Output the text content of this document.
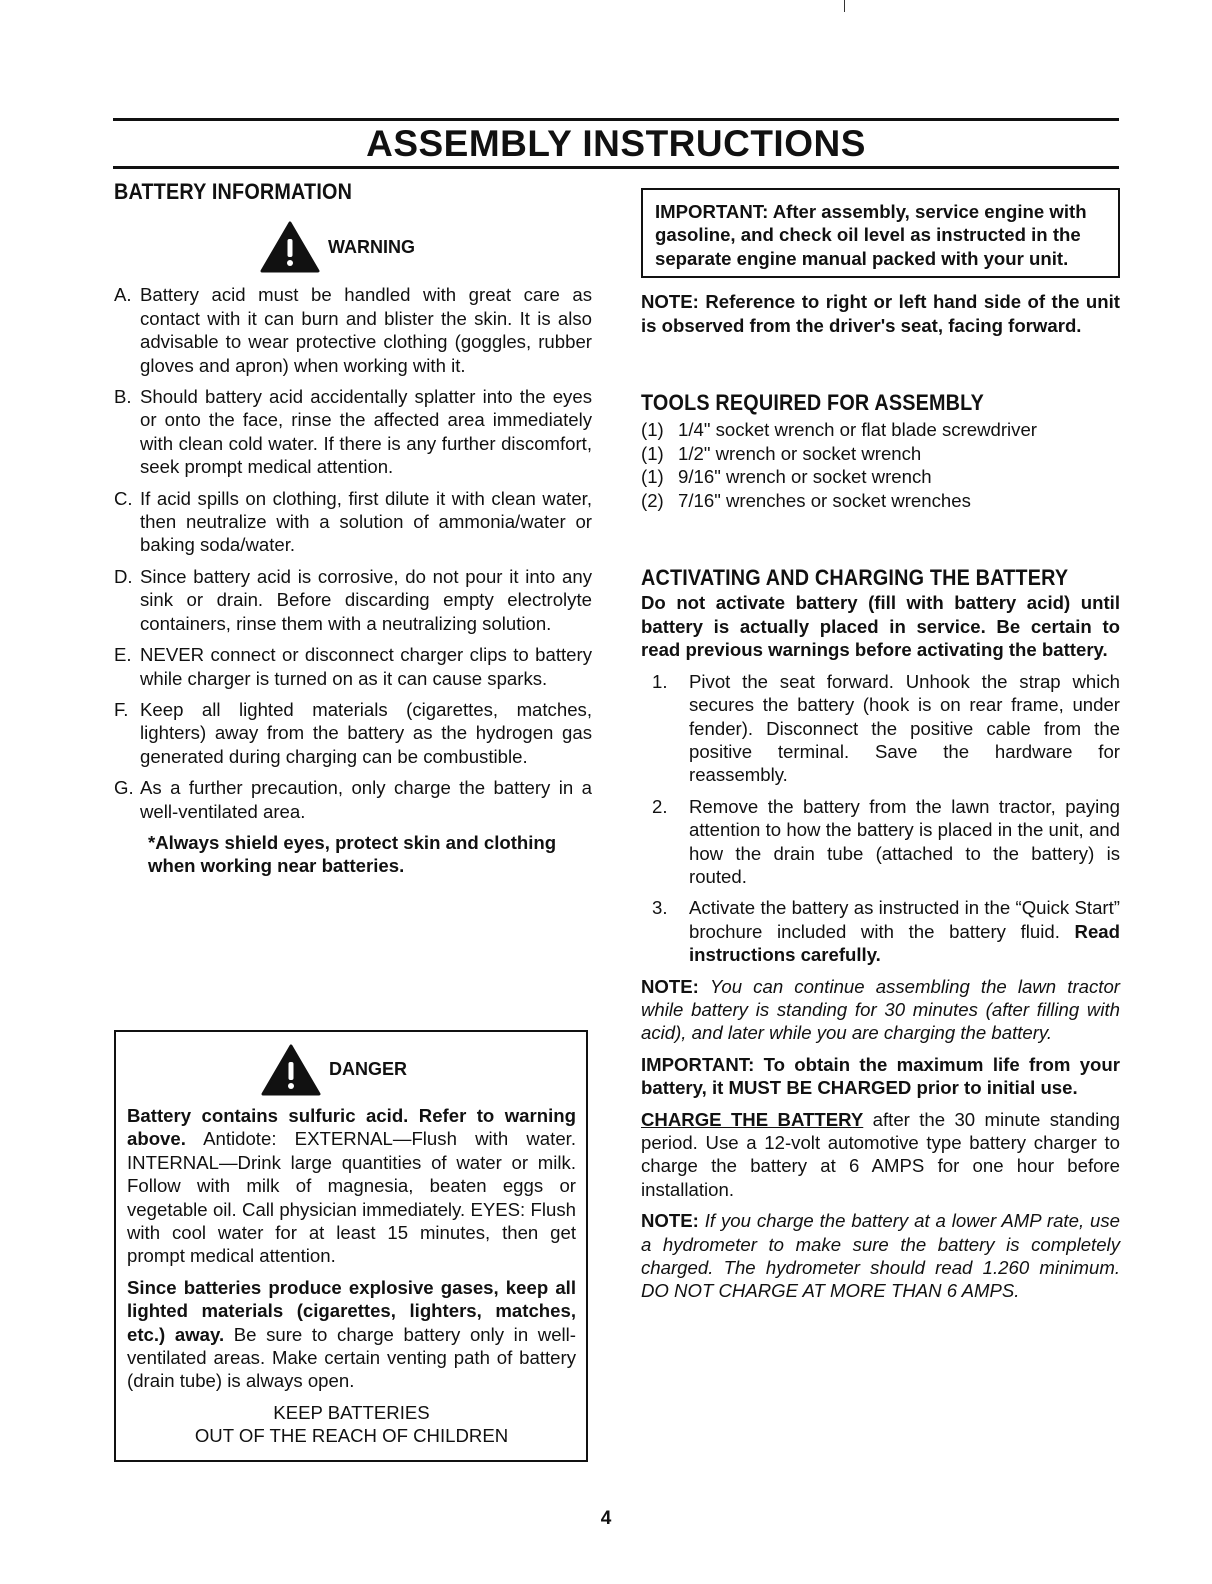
ASSEMBLY INSTRUCTIONS
BATTERY INFORMATION
WARNING
A. Battery acid must be handled with great care as contact with it can burn and blister the skin. It is also advisable to wear protective clothing (goggles, rubber gloves and apron) when working with it.
B. Should battery acid accidentally splatter into the eyes or onto the face, rinse the affected area immediately with clean cold water. If there is any further discomfort, seek prompt medical attention.
C. If acid spills on clothing, first dilute it with clean water, then neutralize with a solution of ammonia/water or baking soda/water.
D. Since battery acid is corrosive, do not pour it into any sink or drain. Before discarding empty electrolyte containers, rinse them with a neutralizing solution.
E. NEVER connect or disconnect charger clips to battery while charger is turned on as it can cause sparks.
F. Keep all lighted materials (cigarettes, matches, lighters) away from the battery as the hydrogen gas generated during charging can be combustible.
G. As a further precaution, only charge the battery in a well-ventilated area.

*Always shield eyes, protect skin and clothing when working near batteries.

DANGER

Battery contains sulfuric acid. Refer to warning above. Antidote: EXTERNAL—Flush with water. INTERNAL—Drink large quantities of water or milk. Follow with milk of magnesia, beaten eggs or vegetable oil. Call physician immediately. EYES: Flush with cool water for at least 15 minutes, then get prompt medical attention.

Since batteries produce explosive gases, keep all lighted materials (cigarettes, lighters, matches, etc.) away. Be sure to charge battery only in well-ventilated areas. Make certain venting path of battery (drain tube) is always open.

KEEP BATTERIES

OUT OF THE REACH OF CHILDREN

IMPORTANT: After assembly, service engine with gasoline, and check oil level as instructed in the separate engine manual packed with your unit.

NOTE: Reference to right or left hand side of the unit is observed from the driver's seat, facing forward.

TOOLS REQUIRED FOR ASSEMBLY
(1) 1/4" socket wrench or flat blade screwdriver
(1) 1/2" wrench or socket wrench
(1) 9/16" wrench or socket wrench
(2) 7/16" wrenches or socket wrenches
ACTIVATING AND CHARGING THE BATTERY

Do not activate battery (fill with battery acid) until battery is actually placed in service. Be certain to read previous warnings before activating the battery.

1.	Pivot the seat forward. Unhook the strap which secures the battery (hook is on rear frame, under fender). Disconnect the positive cable from the positive terminal. Save the hardware for reassembly.
2.	Remove the battery from the lawn tractor, paying attention to how the battery is placed in the unit, and how the drain tube (attached to the battery) is routed.
3.	Activate the battery as instructed in the “Quick Start” brochure included with the battery fluid. Read instructions carefully.

NOTE: You can continue assembling the lawn tractor while battery is standing for 30 minutes (after filling with acid), and later while you are charging the battery.

IMPORTANT: To obtain the maximum life from your battery, it MUST BE CHARGED prior to initial use.

CHARGE THE BATTERY after the 30 minute standing period. Use a 12-volt automotive type battery charger to charge the battery at 6 AMPS for one hour before installation.

NOTE: If you charge the battery at a lower AMP rate, use a hydrometer to make sure the battery is completely charged. The hydrometer should read 1.260 minimum. DO NOT CHARGE AT MORE THAN 6 AMPS.

4
